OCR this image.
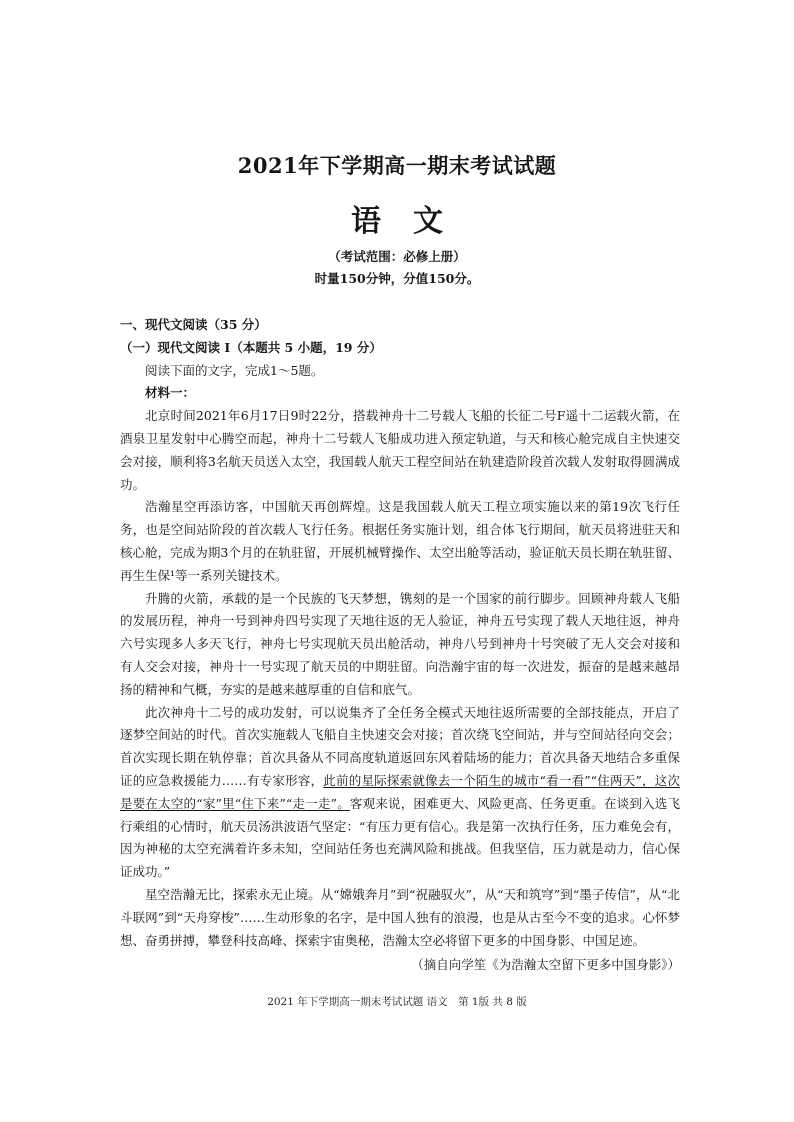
2021年下学期高一期末考试试题
语文
（考试范围：必修上册）
时量150分钟，分值150分。

一、现代文阅读（35 分）

（一）现代文阅读 Ⅰ（本题共 5 小题，19 分）

阅读下面的文字，完成1～5题。

材料一：

北京时间2021年6月17日9时22分，搭载神舟十二号载人飞船的长征二号F遥十二运载火箭，在酒泉卫星发射中心腾空而起，神舟十二号载人飞船成功进入预定轨道，与天和核心舱完成自主快速交会对接，顺利将3名航天员送入太空，我国载人航天工程空间站在轨建造阶段首次载人发射取得圆满成功。

浩瀚星空再添访客，中国航天再创辉煌。这是我国载人航天工程立项实施以来的第19次飞行任务，也是空间站阶段的首次载人飞行任务。根据任务实施计划，组合体飞行期间，航天员将进驻天和核心舱，完成为期3个月的在轨驻留，开展机械臂操作、太空出舱等活动，验证航天员长期在轨驻留、再生生保¹等一系列关键技术。

升腾的火箭，承载的是一个民族的飞天梦想，镌刻的是一个国家的前行脚步。回顾神舟载人飞船的发展历程，神舟一号到神舟四号实现了天地往返的无人验证，神舟五号实现了载人天地往返，神舟六号实现多人多天飞行，神舟七号实现航天员出舱活动，神舟八号到神舟十号突破了无人交会对接和有人交会对接，神舟十一号实现了航天员的中期驻留。向浩瀚宇宙的每一次进发，振奋的是越来越昂扬的精神和气概，夯实的是越来越厚重的自信和底气。

此次神舟十二号的成功发射，可以说集齐了全任务全模式天地往返所需要的全部技能点，开启了逐梦空间站的时代。首次实施载人飞船自主快速交会对接；首次绕飞空间站，并与空间站径向交会；首次实现长期在轨停靠；首次具备从不同高度轨道返回东风着陆场的能力；首次具备天地结合多重保证的应急救援能力……有专家形容，此前的星际探索就像去一个陌生的城市“看一看”“住两天”，这次是要在太空的“家”里“住下来”“走一走”。客观来说，困难更大、风险更高、任务更重。在谈到入选飞行乘组的心情时，航天员汤洪波语气坚定：“有压力更有信心。我是第一次执行任务，压力难免会有，因为神秘的太空充满着许多未知，空间站任务也充满风险和挑战。但我坚信，压力就是动力，信心保证成功。”

星空浩瀚无比，探索永无止境。从“嫦娥奔月”到“祝融驭火”，从“天和筑穹”到“墨子传信”，从“北斗联网”到“天舟穿梭”……生动形象的名字，是中国人独有的浪漫，也是从古至今不变的追求。心怀梦想、奋勇拼搏，攀登科技高峰、探索宇宙奥秘，浩瀚太空必将留下更多的中国身影、中国足迹。

（摘自向学笙《为浩瀚太空留下更多中国身影》）

2021 年下学期高一期末考试试题 语文　第 1版 共 8 版
